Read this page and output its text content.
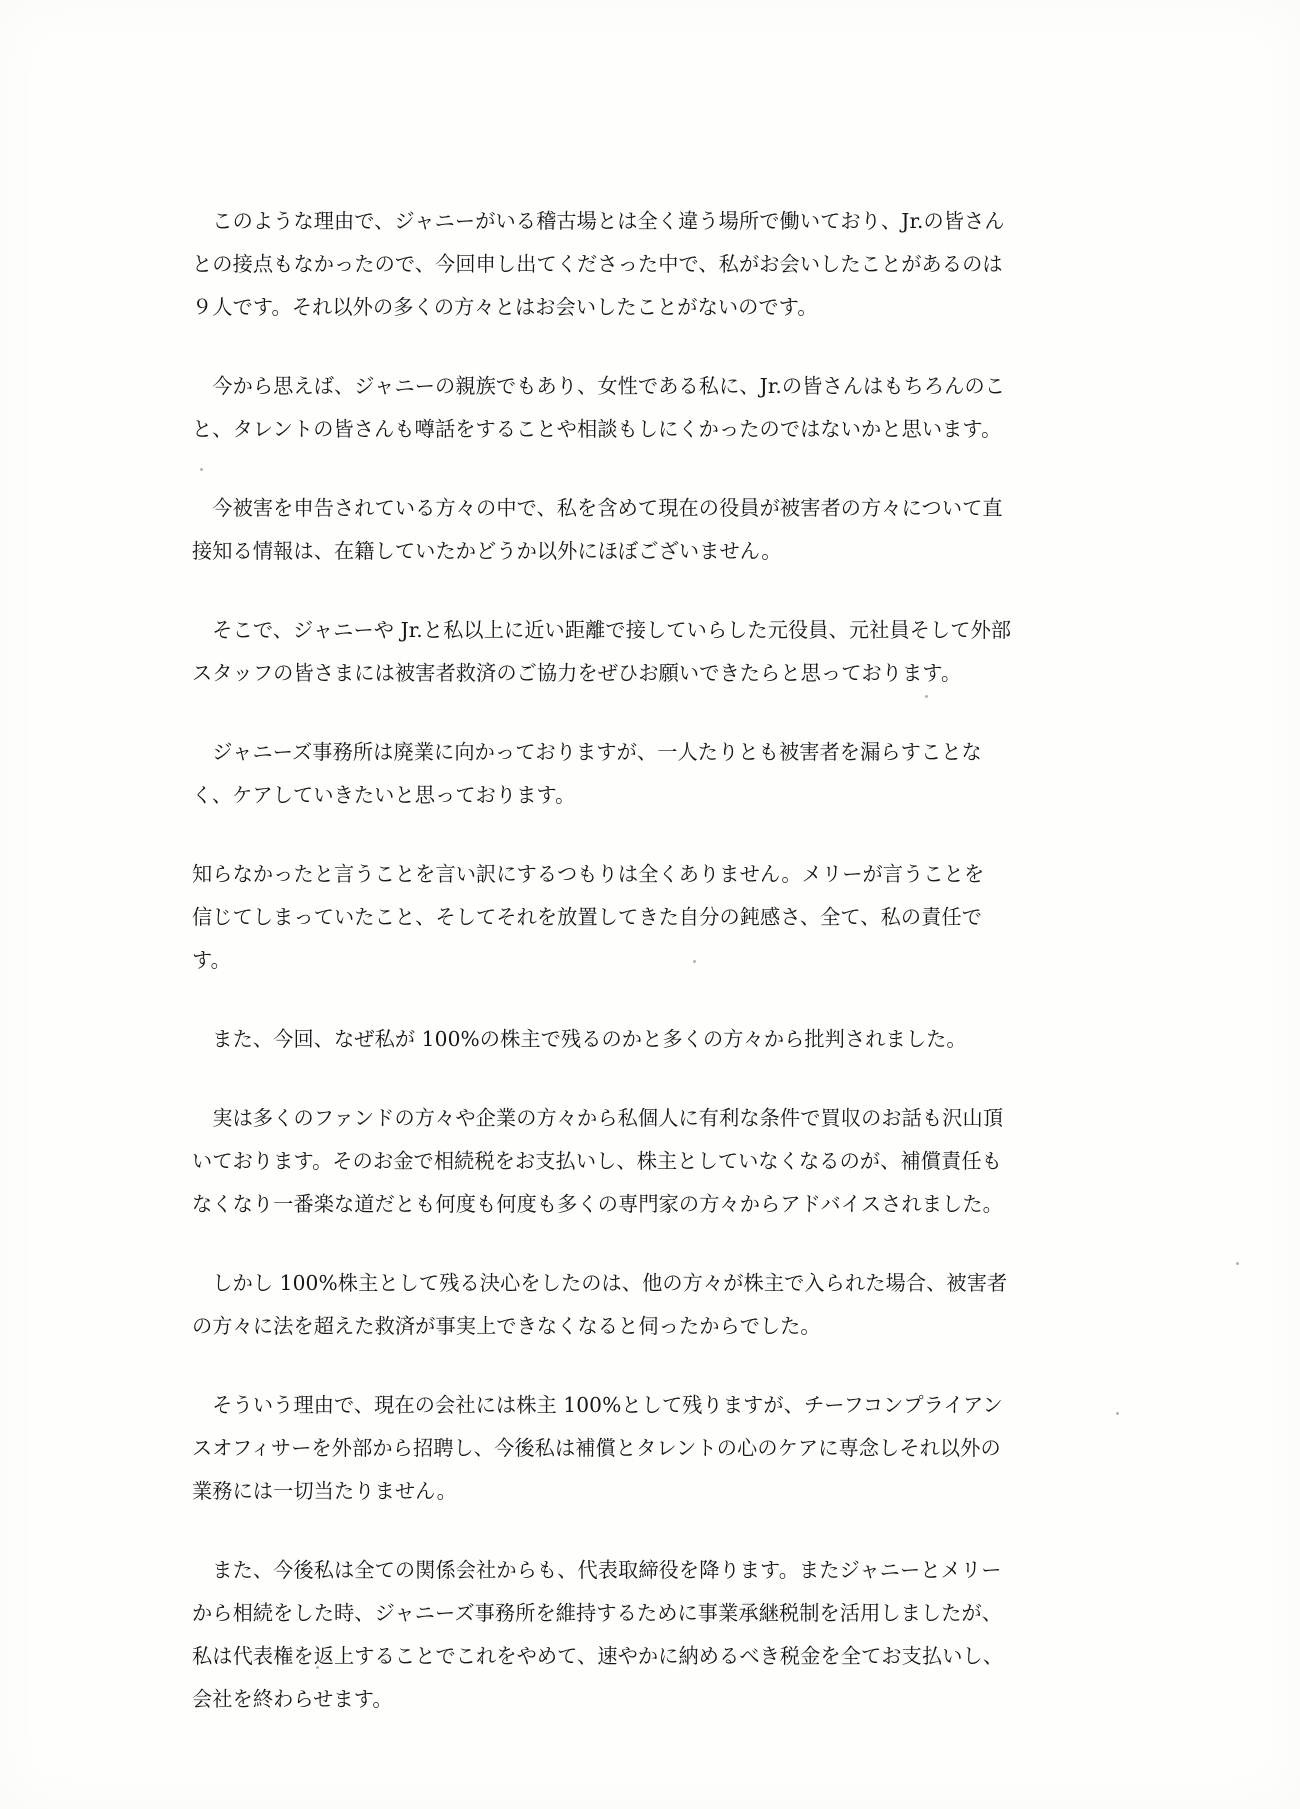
　このような理由で、ジャニーがいる稽古場とは全く違う場所で働いており、Jr.の皆さん
との接点もなかったので、今回申し出てくださった中で、私がお会いしたことがあるのは
９人です。それ以外の多くの方々とはお会いしたことがないのです。

　今から思えば、ジャニーの親族でもあり、女性である私に、Jr.の皆さんはもちろんのこ
と、タレントの皆さんも噂話をすることや相談もしにくかったのではないかと思います。

　今被害を申告されている方々の中で、私を含めて現在の役員が被害者の方々について直
接知る情報は、在籍していたかどうか以外にほぼございません。

　そこで、ジャニーや Jr.と私以上に近い距離で接していらした元役員、元社員そして外部
スタッフの皆さまには被害者救済のご協力をぜひお願いできたらと思っております。

　ジャニーズ事務所は廃業に向かっておりますが、一人たりとも被害者を漏らすことな
く、ケアしていきたいと思っております。

知らなかったと言うことを言い訳にするつもりは全くありません。メリーが言うことを
信じてしまっていたこと、そしてそれを放置してきた自分の鈍感さ、全て、私の責任で
す。

　また、今回、なぜ私が 100%の株主で残るのかと多くの方々から批判されました。

　実は多くのファンドの方々や企業の方々から私個人に有利な条件で買収のお話も沢山頂
いております。そのお金で相続税をお支払いし、株主としていなくなるのが、補償責任も
なくなり一番楽な道だとも何度も何度も多くの専門家の方々からアドバイスされました。

　しかし 100%株主として残る決心をしたのは、他の方々が株主で入られた場合、被害者
の方々に法を超えた救済が事実上できなくなると伺ったからでした。

　そういう理由で、現在の会社には株主 100%として残りますが、チーフコンプライアン
スオフィサーを外部から招聘し、今後私は補償とタレントの心のケアに専念しそれ以外の
業務には一切当たりません。

　また、今後私は全ての関係会社からも、代表取締役を降ります。またジャニーとメリー
から相続をした時、ジャニーズ事務所を維持するために事業承継税制を活用しましたが、
私は代表権を返上することでこれをやめて、速やかに納めるべき税金を全てお支払いし、
会社を終わらせます。
